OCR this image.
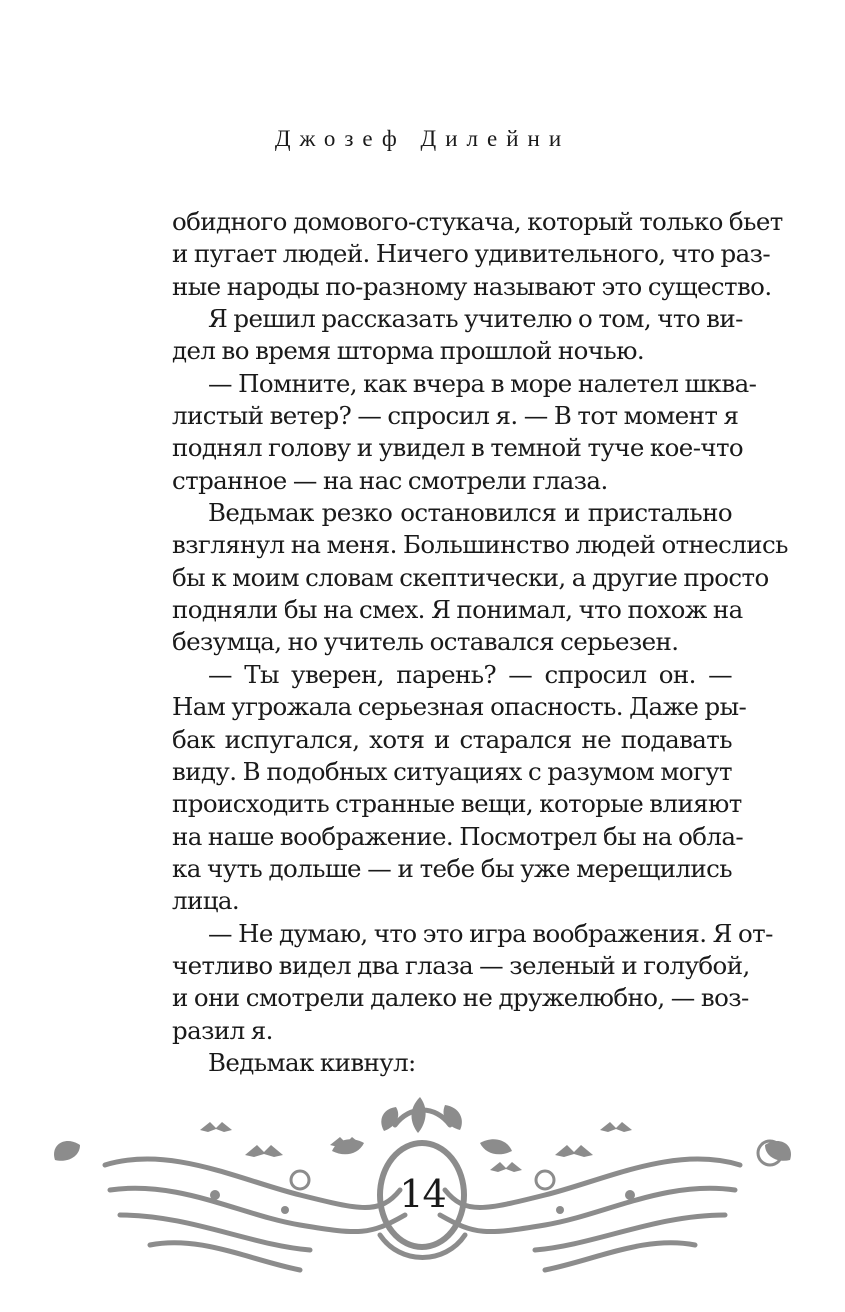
Джозеф Дилейни
обидного домового-стукача, который только бьет
и пугает людей. Ничего удивительного, что раз-
ные народы по-разному называют это существо.
Я решил рассказать учителю о том, что ви-
дел во время шторма прошлой ночью.
— Помните, как вчера в море налетел шква-
листый ветер? — спросил я. — В тот момент я
поднял голову и увидел в темной туче кое-что
странное — на нас смотрели глаза.
Ведьмак резко остановился и пристально
взглянул на меня. Большинство людей отнеслись
бы к моим словам скептически, а другие просто
подняли бы на смех. Я понимал, что похож на
безумца, но учитель оставался серьезен.
— Ты уверен, парень? — спросил он. —
Нам угрожала серьезная опасность. Даже ры-
бак испугался, хотя и старался не подавать
виду. В подобных ситуациях с разумом могут
происходить странные вещи, которые влияют
на наше воображение. Посмотрел бы на обла-
ка чуть дольше — и тебе бы уже мерещились
лица.
— Не думаю, что это игра воображения. Я от-
четливо видел два глаза — зеленый и голубой,
и они смотрели далеко не дружелюбно, — воз-
разил я.
Ведьмак кивнул:
14
